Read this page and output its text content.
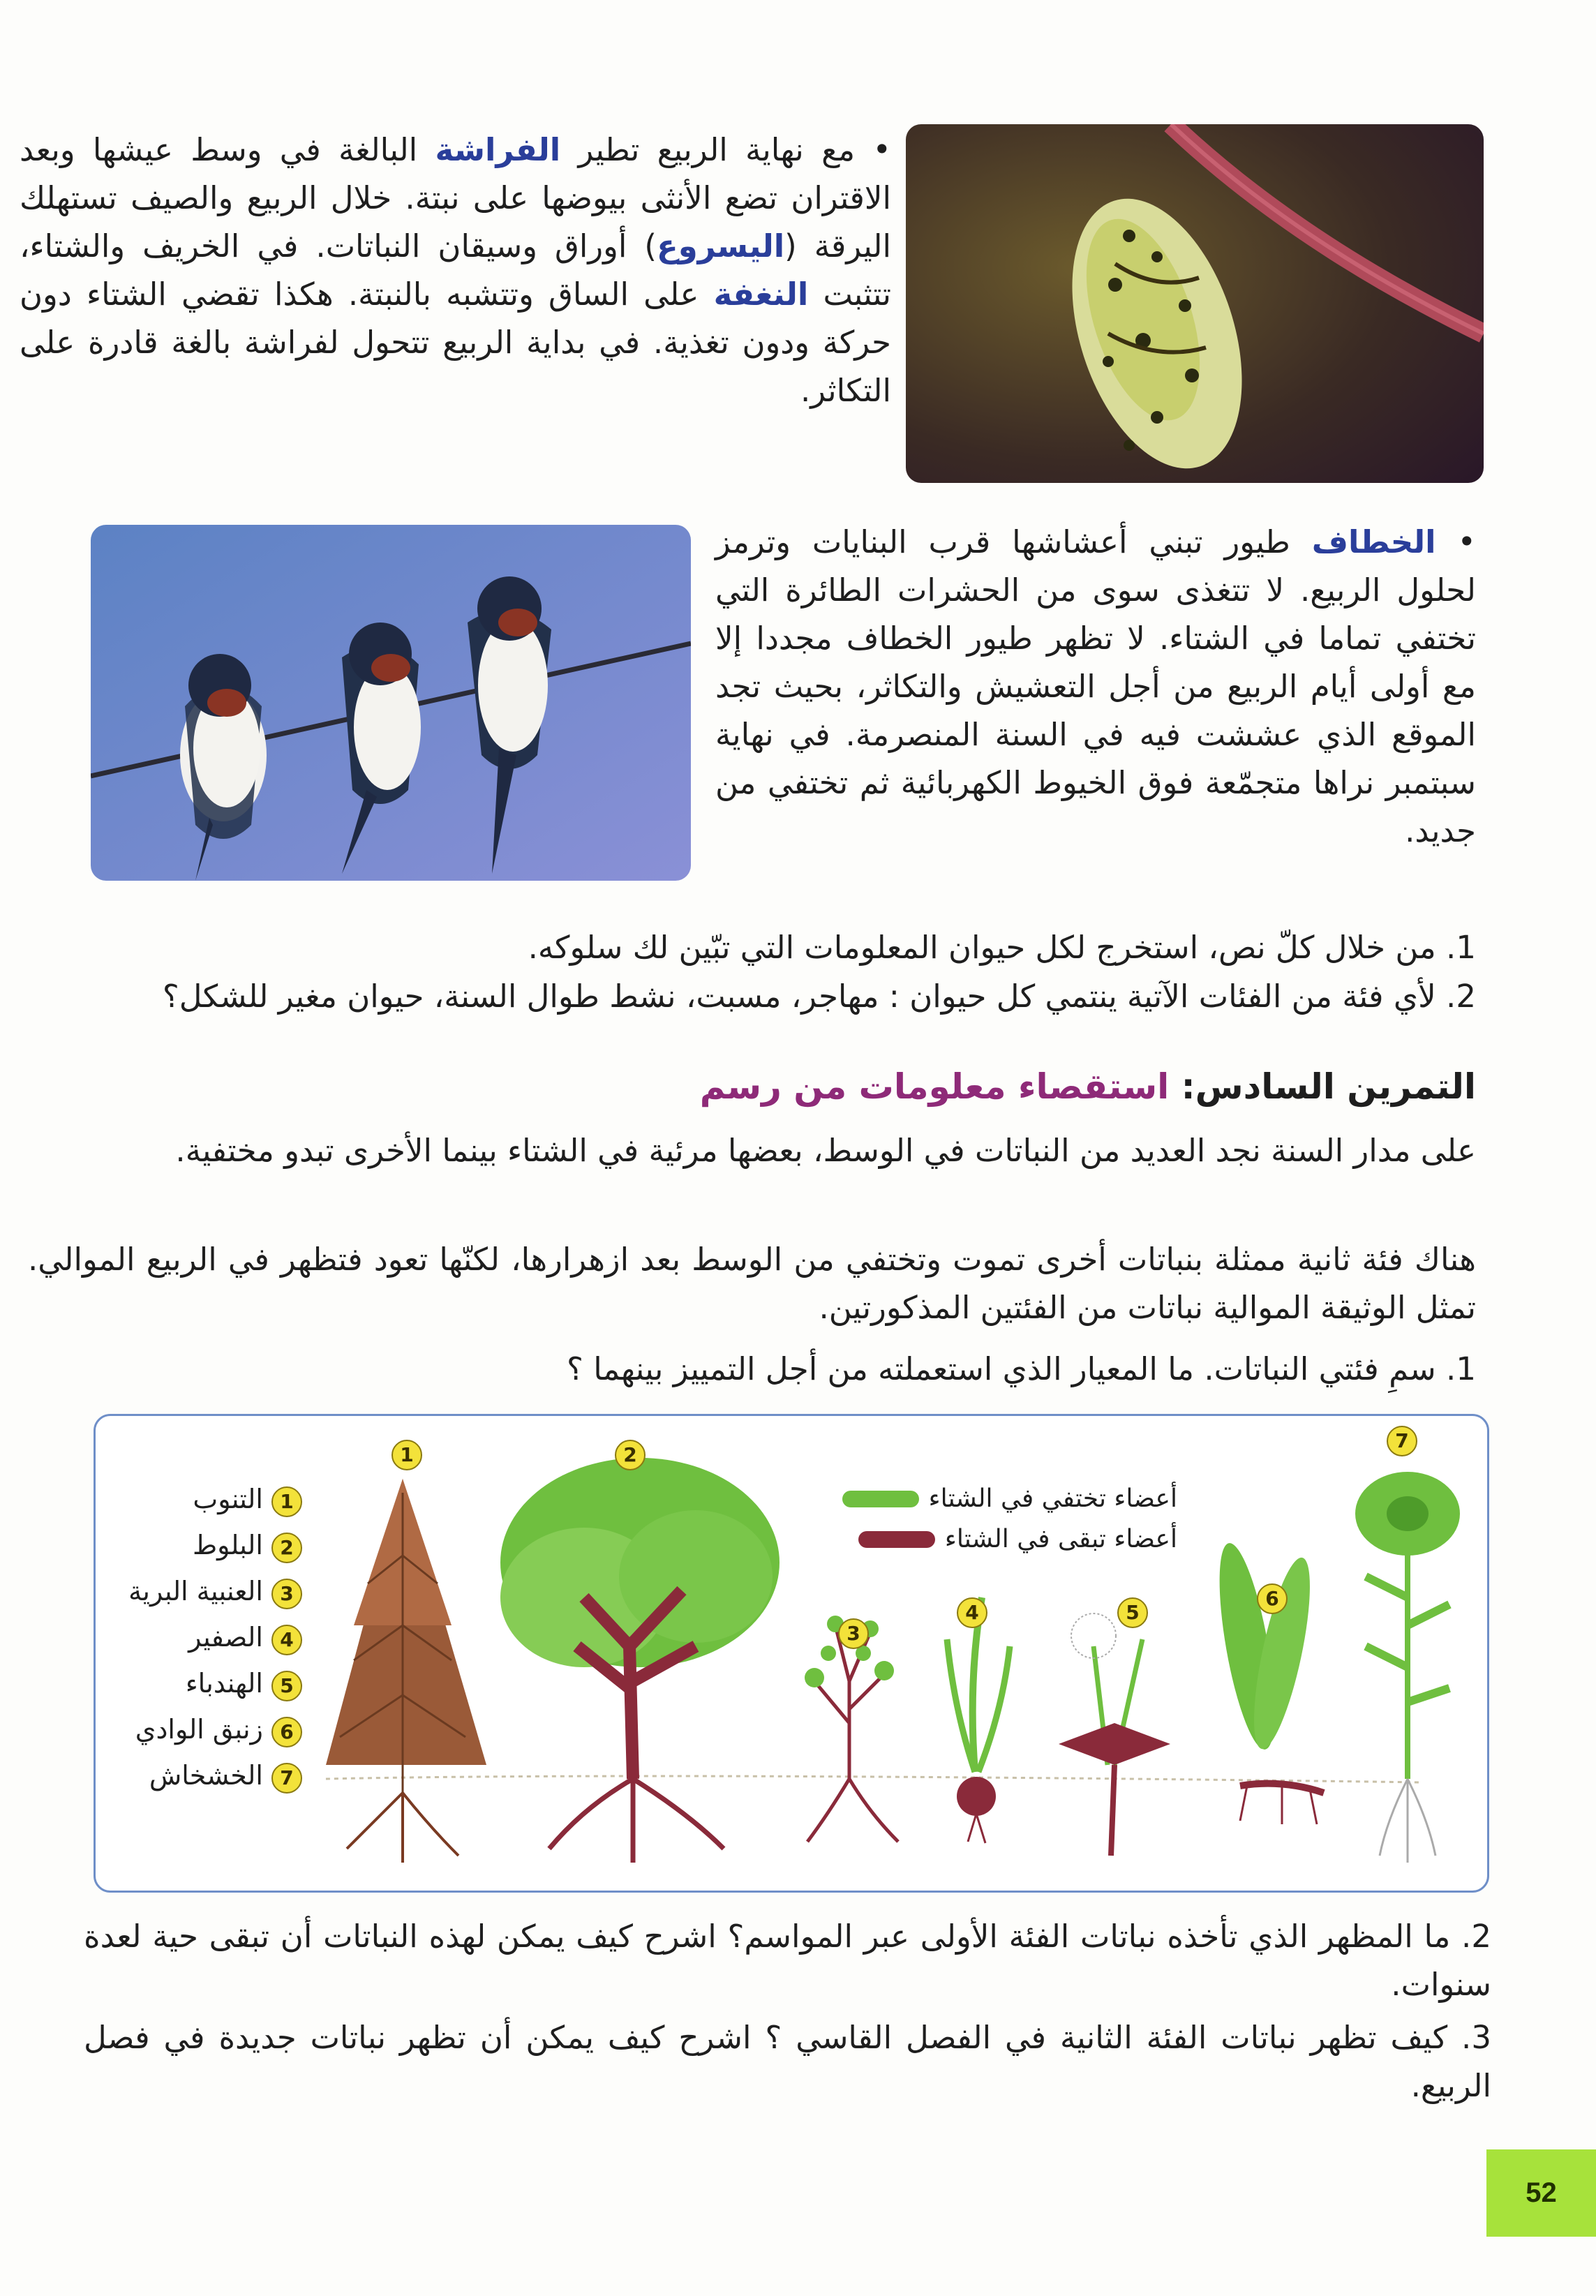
• مع نهاية الربيع تطير الفراشة البالغة في وسط عيشها وبعد الاقتران تضع الأنثى بيوضها على نبتة. خلال الربيع والصيف تستهلك اليرقة (اليسروع) أوراق وسيقان النباتات. في الخريف والشتاء، تتثبت النغفة على الساق وتتشبه بالنبتة. هكذا تقضي الشتاء دون حركة ودون تغذية. في بداية الربيع تتحول لفراشة بالغة قادرة على التكاثر.
• الخطاف طيور تبني أعشاشها قرب البنايات وترمز لحلول الربيع. لا تتغذى سوى من الحشرات الطائرة التي تختفي تماما في الشتاء. لا تظهر طيور الخطاف مجددا إلا مع أولى أيام الربيع من أجل التعشيش والتكاثر، بحيث تجد الموقع الذي عششت فيه في السنة المنصرمة. في نهاية سبتمبر نراها متجمّعة فوق الخيوط الكهربائية ثم تختفي من جديد.
1. من خلال كلّ نص، استخرج لكل حيوان المعلومات التي تبّين لك سلوكه.
2. لأي فئة من الفئات الآتية ينتمي كل حيوان : مهاجر، مسبت، نشط طوال السنة، حيوان مغير للشكل؟
التمرين السادس: استقصاء معلومات من رسم
على مدار السنة نجد العديد من النباتات في الوسط، بعضها مرئية في الشتاء بينما الأخرى تبدو مختفية.
هناك فئة ثانية ممثلة بنباتات أخرى تموت وتختفي من الوسط بعد ازهرارها، لكنّها تعود فتظهر في الربيع الموالي. تمثل الوثيقة الموالية نباتات من الفئتين المذكورتين.
1. سمِ فئتي النباتات. ما المعيار الذي استعملته من أجل التمييز بينهما ؟
1	2
3
4	5
6
7
أعضاء تختفي في الشتاء
أعضاء تبقى في الشتاء
1 التنوب
2 البلوط
3 العنبية البرية
4 الصفير
5 الهندباء
6 زنبق الوادي
7 الخشخاش
2. ما المظهر الذي تأخذه نباتات الفئة الأولى عبر المواسم؟ اشرح كيف يمكن لهذه النباتات أن تبقى حية لعدة سنوات.
3. كيف تظهر نباتات الفئة الثانية في الفصل القاسي ؟ اشرح كيف يمكن أن تظهر نباتات جديدة في فصل الربيع.
52
